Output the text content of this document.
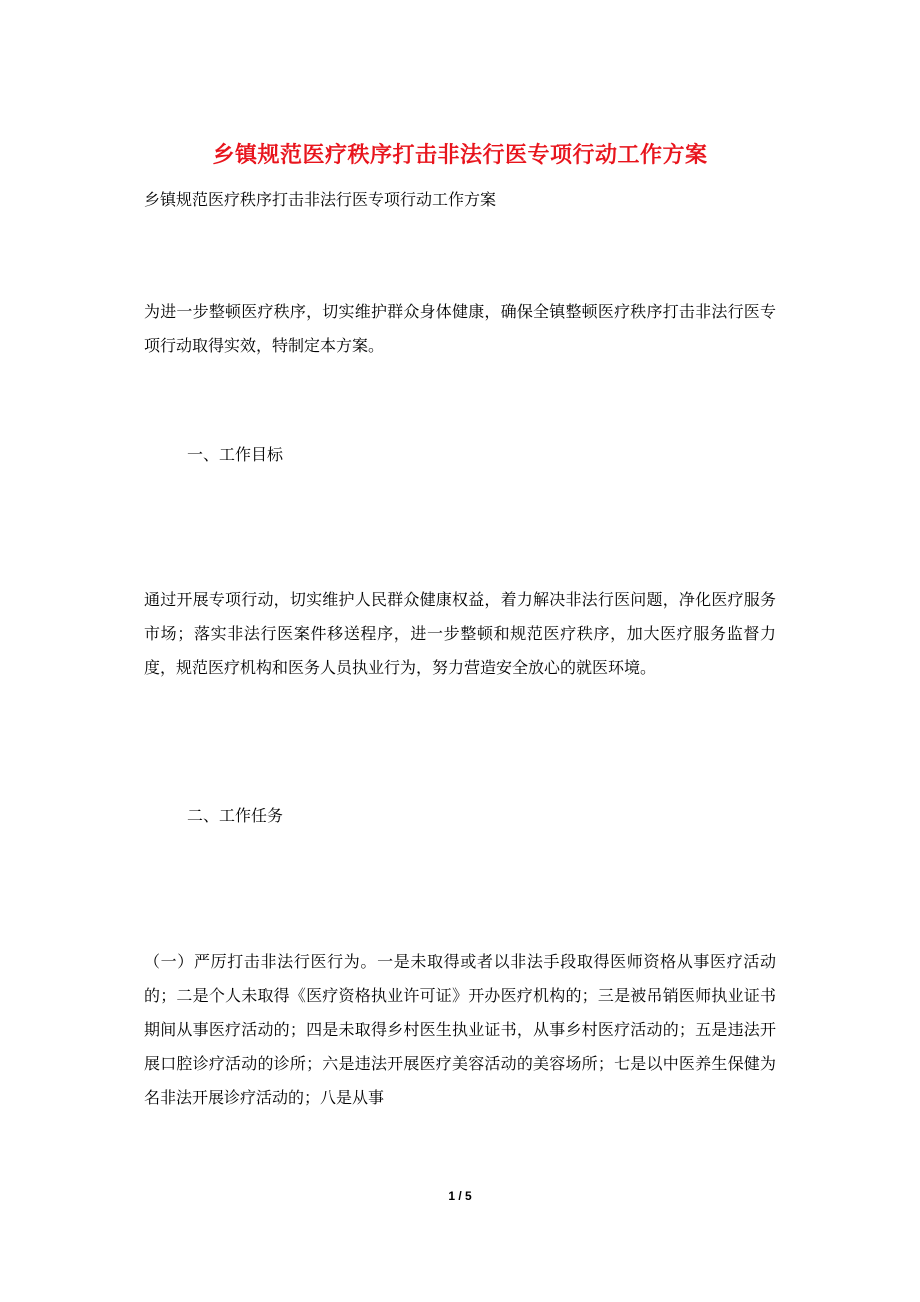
乡镇规范医疗秩序打击非法行医专项行动工作方案
乡镇规范医疗秩序打击非法行医专项行动工作方案

为进一步整顿医疗秩序，切实维护群众身体健康，确保全镇整顿医疗秩序打击非法行医专项行动取得实效，特制定本方案。

一、工作目标

通过开展专项行动，切实维护人民群众健康权益，着力解决非法行医问题，净化医疗服务市场；落实非法行医案件移送程序，进一步整顿和规范医疗秩序，加大医疗服务监督力度，规范医疗机构和医务人员执业行为，努力营造安全放心的就医环境。

二、工作任务

（一）严厉打击非法行医行为。一是未取得或者以非法手段取得医师资格从事医疗活动的；二是个人未取得《医疗资格执业许可证》开办医疗机构的；三是被吊销医师执业证书期间从事医疗活动的；四是未取得乡村医生执业证书，从事乡村医疗活动的；五是违法开展口腔诊疗活动的诊所；六是违法开展医疗美容活动的美容场所；七是以中医养生保健为名非法开展诊疗活动的；八是从事

1 / 5
